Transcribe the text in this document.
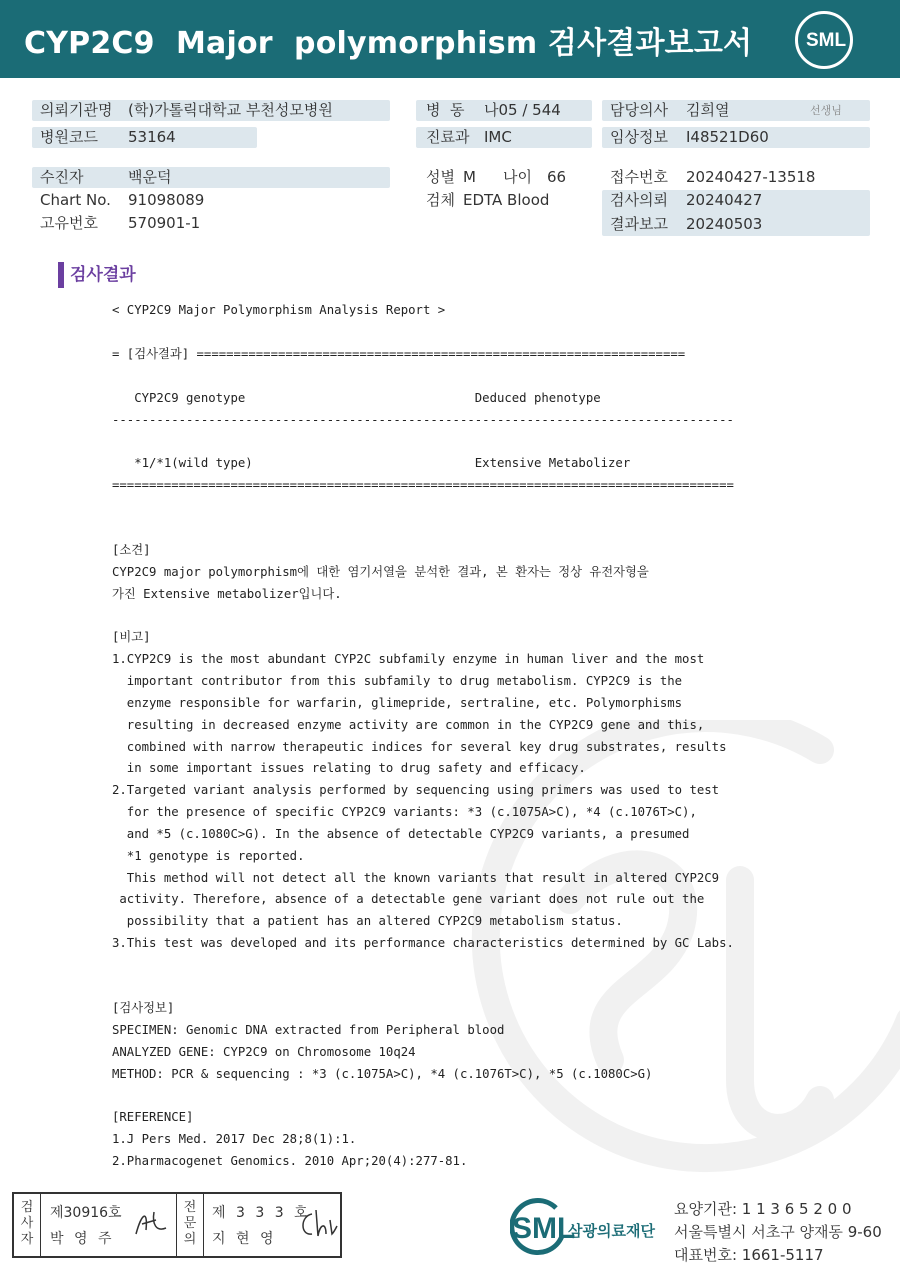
CYP2C9  Major  polymorphism 검사결과보고서	SML
의뢰기관명 (학)가톨릭대학교 부천성모병원
병원코드 53164
병  동 나05 / 544
진료과 IMC
담당의사 김희열	선생님
임상정보 I48521D60
수진자	백운덕
Chart No. 91098089
고유번호 570901-1
성별 M 나이 66
검체 EDTA Blood
접수번호 20240427-13518
검사의뢰 20240427
결과보고 20240503
검사결과
< CYP2C9 Major Polymorphism Analysis Report >
= [검사결과] ==================================================================
CYP2C9 genotype                               Deduced phenotype
------------------------------------------------------------------------------------
*1/*1(wild type)                              Extensive Metabolizer
====================================================================================
[소견]
CYP2C9 major polymorphism에 대한 염기서열을 분석한 결과, 본 환자는 정상 유전자형을
가진 Extensive metabolizer입니다.
[비고]
1.CYP2C9 is the most abundant CYP2C subfamily enzyme in human liver and the most
important contributor from this subfamily to drug metabolism. CYP2C9 is the
enzyme responsible for warfarin, glimepride, sertraline, etc. Polymorphisms
resulting in decreased enzyme activity are common in the CYP2C9 gene and this,
combined with narrow therapeutic indices for several key drug substrates, results
in some important issues relating to drug safety and efficacy.
2.Targeted variant analysis performed by sequencing using primers was used to test
for the presence of specific CYP2C9 variants: *3 (c.1075A>C), *4 (c.1076T>C),
and *5 (c.1080C>G). In the absence of detectable CYP2C9 variants, a presumed
*1 genotype is reported.
This method will not detect all the known variants that result in altered CYP2C9
activity. Therefore, absence of a detectable gene variant does not rule out the
possibility that a patient has an altered CYP2C9 metabolism status.
3.This test was developed and its performance characteristics determined by GC Labs.
[검사정보]
SPECIMEN: Genomic DNA extracted from Peripheral blood
ANALYZED GENE: CYP2C9 on Chromosome 10q24
METHOD: PCR & sequencing : *3 (c.1075A>C), *4 (c.1076T>C), *5 (c.1080C>G)
[REFERENCE]
1.J Pers Med. 2017 Dec 28;8(1):1.
2.Pharmacogenet Genomics. 2010 Apr;20(4):277-81.
검
사
자
제30916호
박 영 주
전
문
의
제 3 3 3 호
지 현 영	SML
삼광의료재단
요양기관: 1 1 3 6 5 2 0 0
서울특별시 서초구 양재동 9-60
대표번호: 1661-5117
